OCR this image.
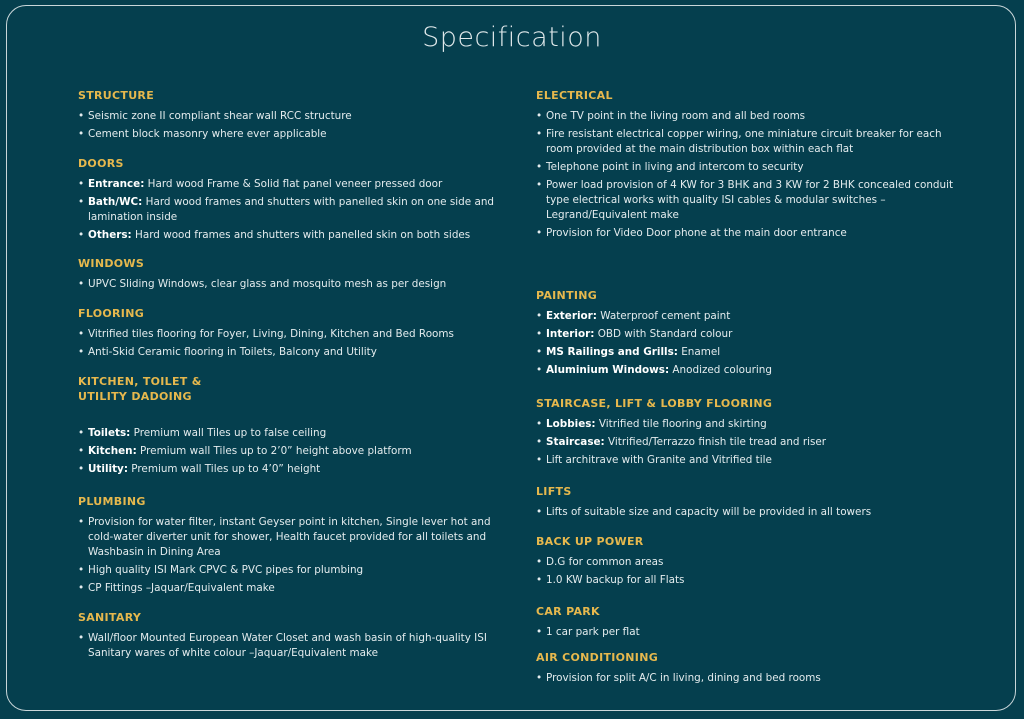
Specification
STRUCTURE
• Seismic zone II compliant shear wall RCC structure
• Cement block masonry where ever applicable
DOORS
• Entrance: Hard wood Frame & Solid flat panel veneer pressed door
• Bath/WC: Hard wood frames and shutters with panelled skin on one side and lamination inside
• Others: Hard wood frames and shutters with panelled skin on both sides
WINDOWS
• UPVC Sliding Windows, clear glass and mosquito mesh as per design
FLOORING
• Vitrified tiles flooring for Foyer, Living, Dining, Kitchen and Bed Rooms
• Anti-Skid Ceramic flooring in Toilets, Balcony and Utility
KITCHEN, TOILET & UTILITY DADOING
• Toilets: Premium wall Tiles up to false ceiling
• Kitchen: Premium wall Tiles up to 2’0” height above platform
• Utility: Premium wall Tiles up to 4’0” height
PLUMBING
• Provision for water filter, instant Geyser point in kitchen, Single lever hot and cold-water diverter unit for shower, Health faucet provided for all toilets and Washbasin in Dining Area
• High quality ISI Mark CPVC & PVC pipes for plumbing
• CP Fittings –Jaquar/Equivalent make
SANITARY
• Wall/floor Mounted European Water Closet and wash basin of high-quality ISI Sanitary wares of white colour –Jaquar/Equivalent make
ELECTRICAL
• One TV point in the living room and all bed rooms
• Fire resistant electrical copper wiring, one miniature circuit breaker for each room provided at the main distribution box within each flat
• Telephone point in living and intercom to security
• Power load provision of 4 KW for 3 BHK and 3 KW for 2 BHK concealed conduit type electrical works with quality ISI cables & modular switches – Legrand/Equivalent make
• Provision for Video Door phone at the main door entrance
PAINTING
• Exterior: Waterproof cement paint
• Interior: OBD with Standard colour
• MS Railings and Grills: Enamel
• Aluminium Windows: Anodized colouring
STAIRCASE, LIFT & LOBBY FLOORING
• Lobbies: Vitrified tile flooring and skirting
• Staircase: Vitrified/Terrazzo finish tile tread and riser
• Lift architrave with Granite and Vitrified tile
LIFTS
• Lifts of suitable size and capacity will be provided in all towers
BACK UP POWER
• D.G for common areas
• 1.0 KW backup for all Flats
CAR PARK
• 1 car park per flat
AIR CONDITIONING
• Provision for split A/C in living, dining and bed rooms
